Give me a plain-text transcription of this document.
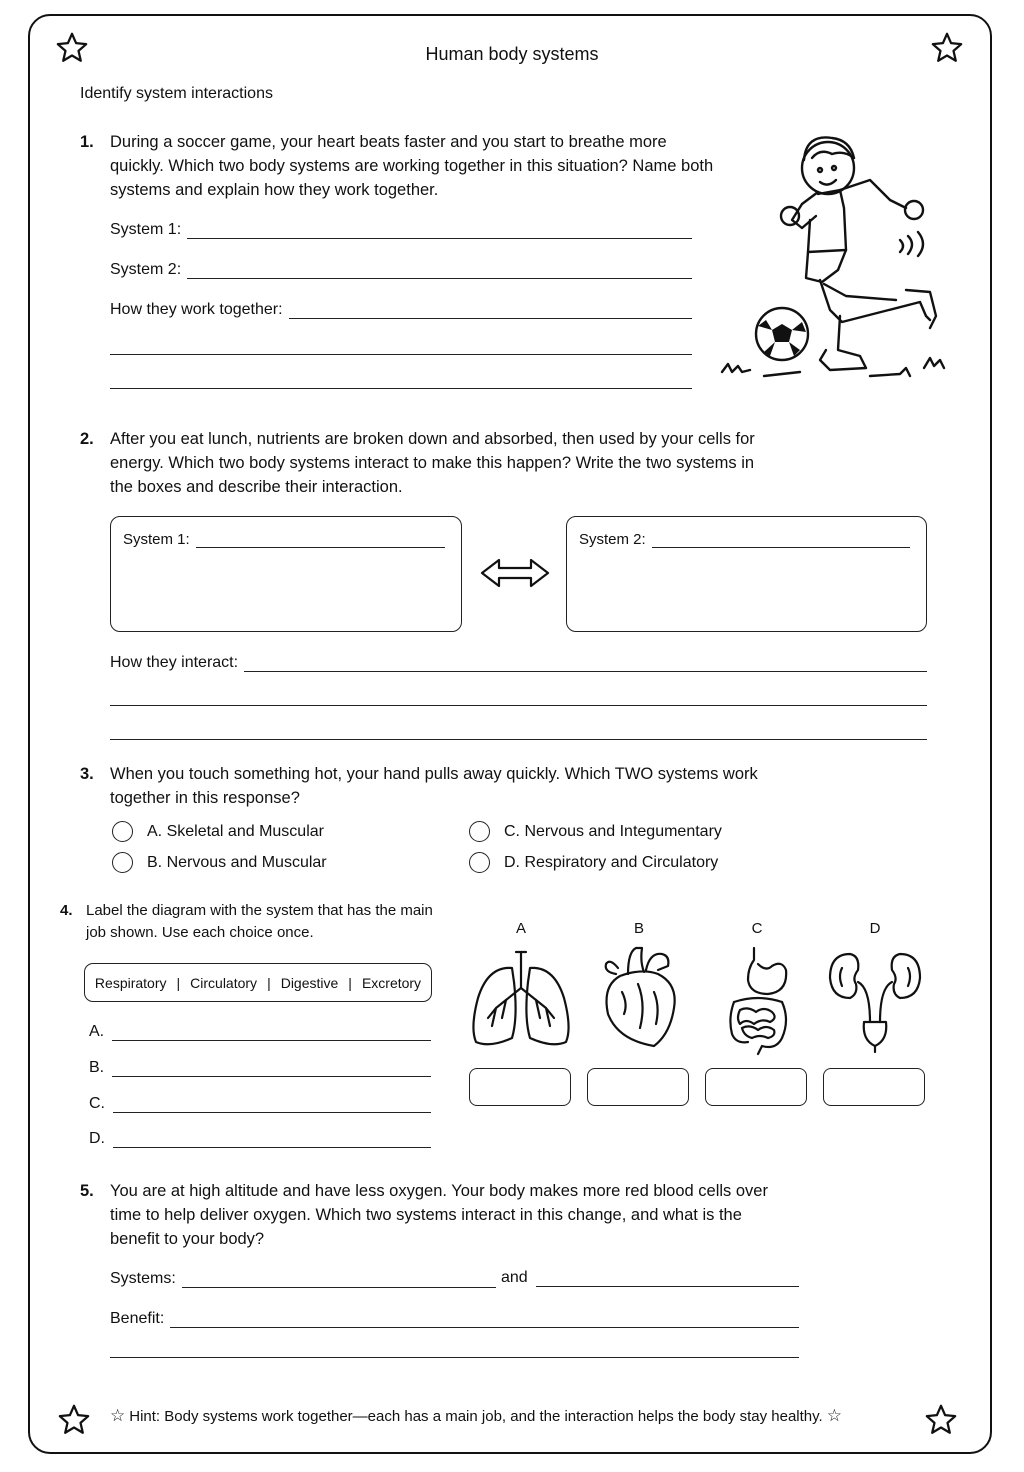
Human body systems
Identify system interactions
1. During a soccer game, your heart beats faster and you start to breathe more quickly. Which two body systems are working together in this situation? Name both systems and explain how they work together.
System 1:
System 2:
How they work together:
2. After you eat lunch, nutrients are broken down and absorbed, then used by your cells for energy. Which two body systems interact to make this happen? Write the two systems in the boxes and describe their interaction.
System 1:	System 2:
How they interact:
3. When you touch something hot, your hand pulls away quickly. Which TWO systems work together in this response?
A. Skeletal and Muscular
B. Nervous and Muscular
C. Nervous and Integumentary
D. Respiratory and Circulatory
4. Label the diagram with the system that has the main job shown. Use each choice once.
Respiratory | Circulatory | Digestive | Excretory
A.
B.
C.
D.
A	B	C	D
5. You are at high altitude and have less oxygen. Your body makes more red blood cells over time to help deliver oxygen. Which two systems interact in this change, and what is the benefit to your body?
Systems:	and
Benefit:
☆ Hint: Body systems work together—each has a main job, and the interaction helps the body stay healthy. ☆
